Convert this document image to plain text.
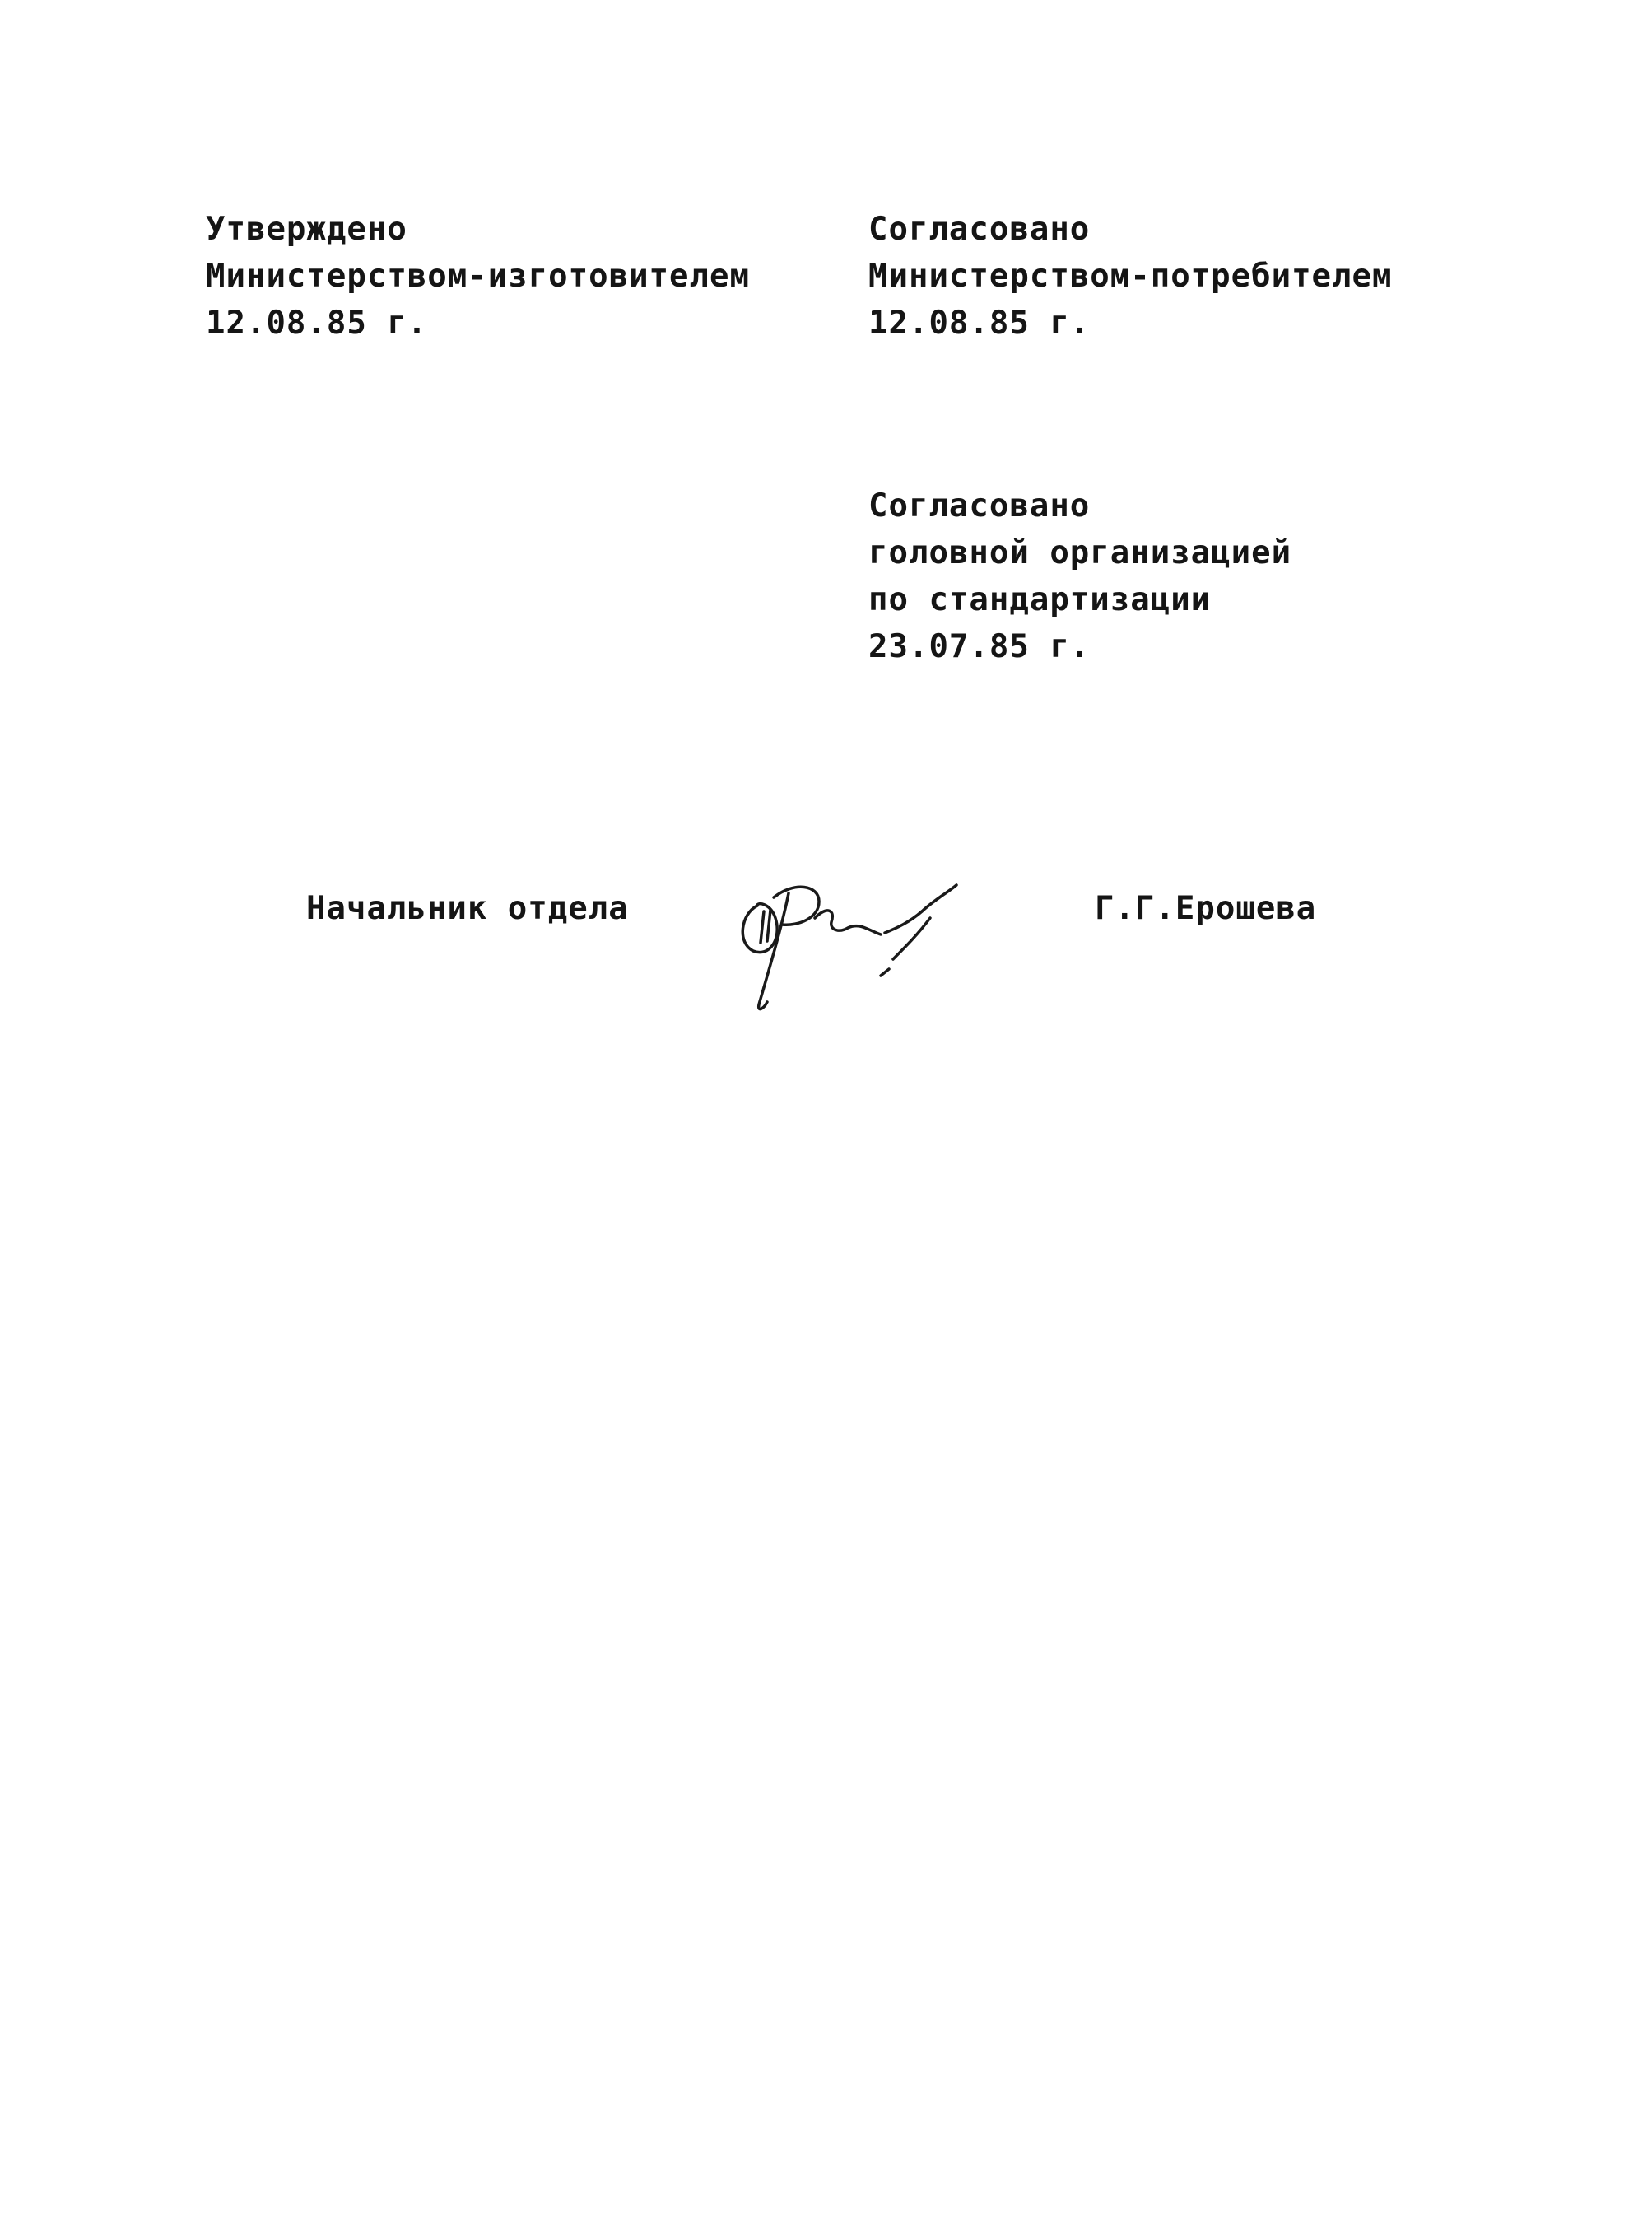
Утверждено
Министерством-изготовителем
12.08.85 г.
Согласовано
Министерством-потребителем
12.08.85 г.
Согласовано
головной организацией
по стандартизации
23.07.85 г.
Начальник отдела	Г.Г.Ерошева
